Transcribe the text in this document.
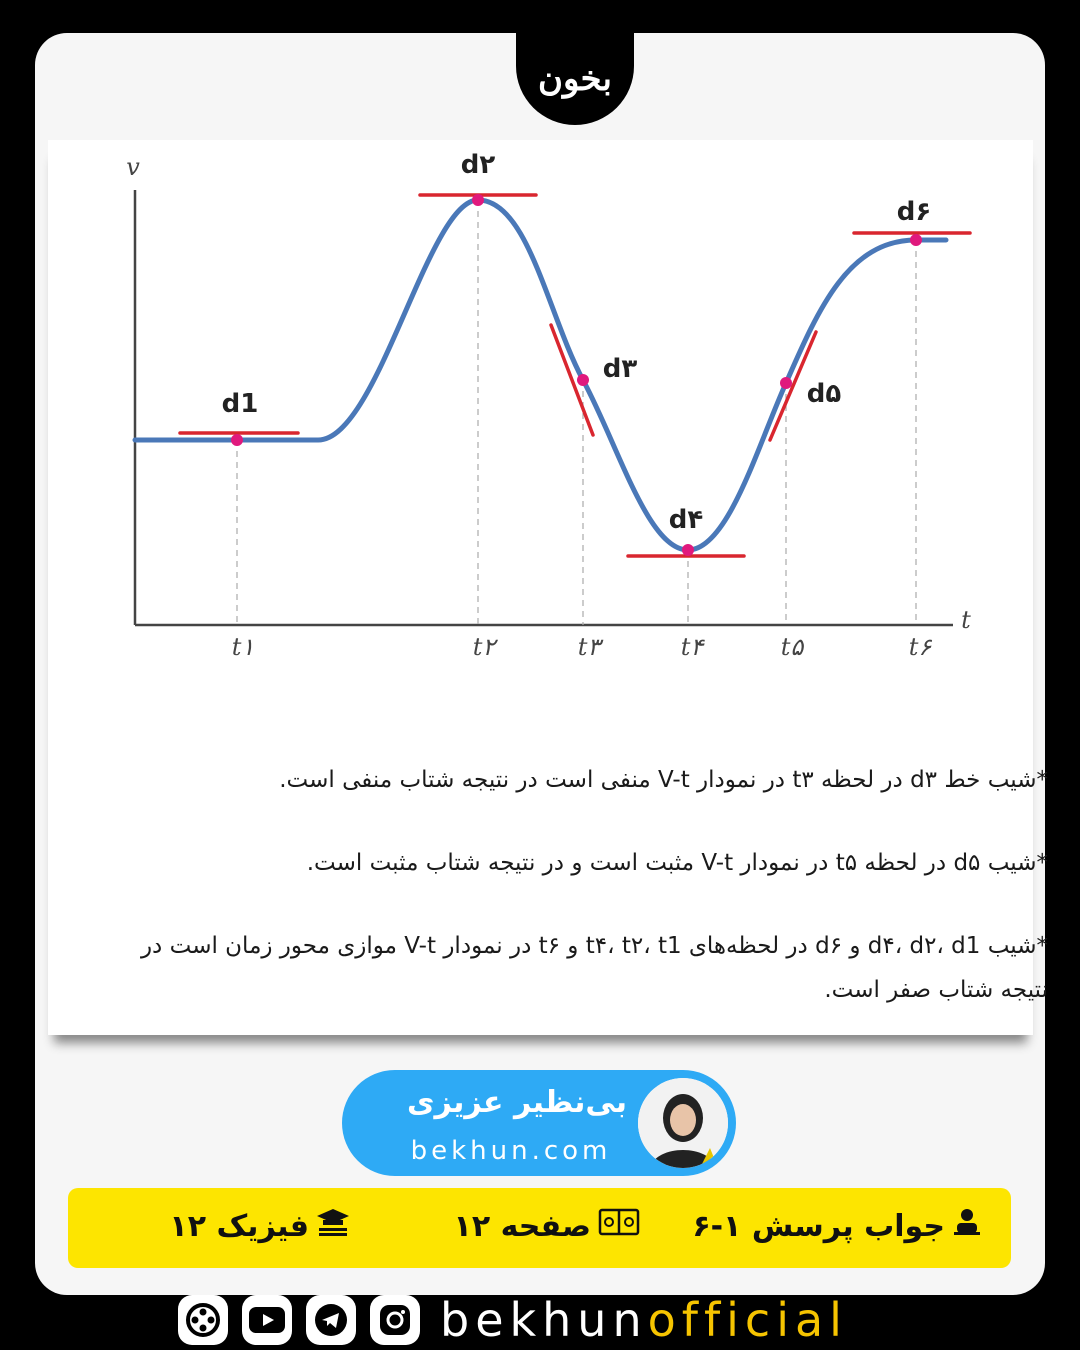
بخون
v
t
d1
d۲
d۳
d۴
d۵
d۶
t۱	t۲	t۳	t۴	t۵	t۶
*شیب خط d۳ در لحظه t۳ در نمودار V-t منفی است در نتیجه شتاب منفی است.
*شیب d۵ در لحظه t۵ در نمودار V-t مثبت است و در نتیجه شتاب مثبت است.
*شیب d۴، d۲، d1 و d۶ در لحظه‌های t۴، t۲، t1 و t۶ در نمودار V-t موازی محور زمان است در نتیجه شتاب صفر است.
بی‌نظیر عزیزی
bekhun.com
جواب پرسش ۱-۶
صفحه ۱۲
فیزیک ۱۲
bekhunofficial
